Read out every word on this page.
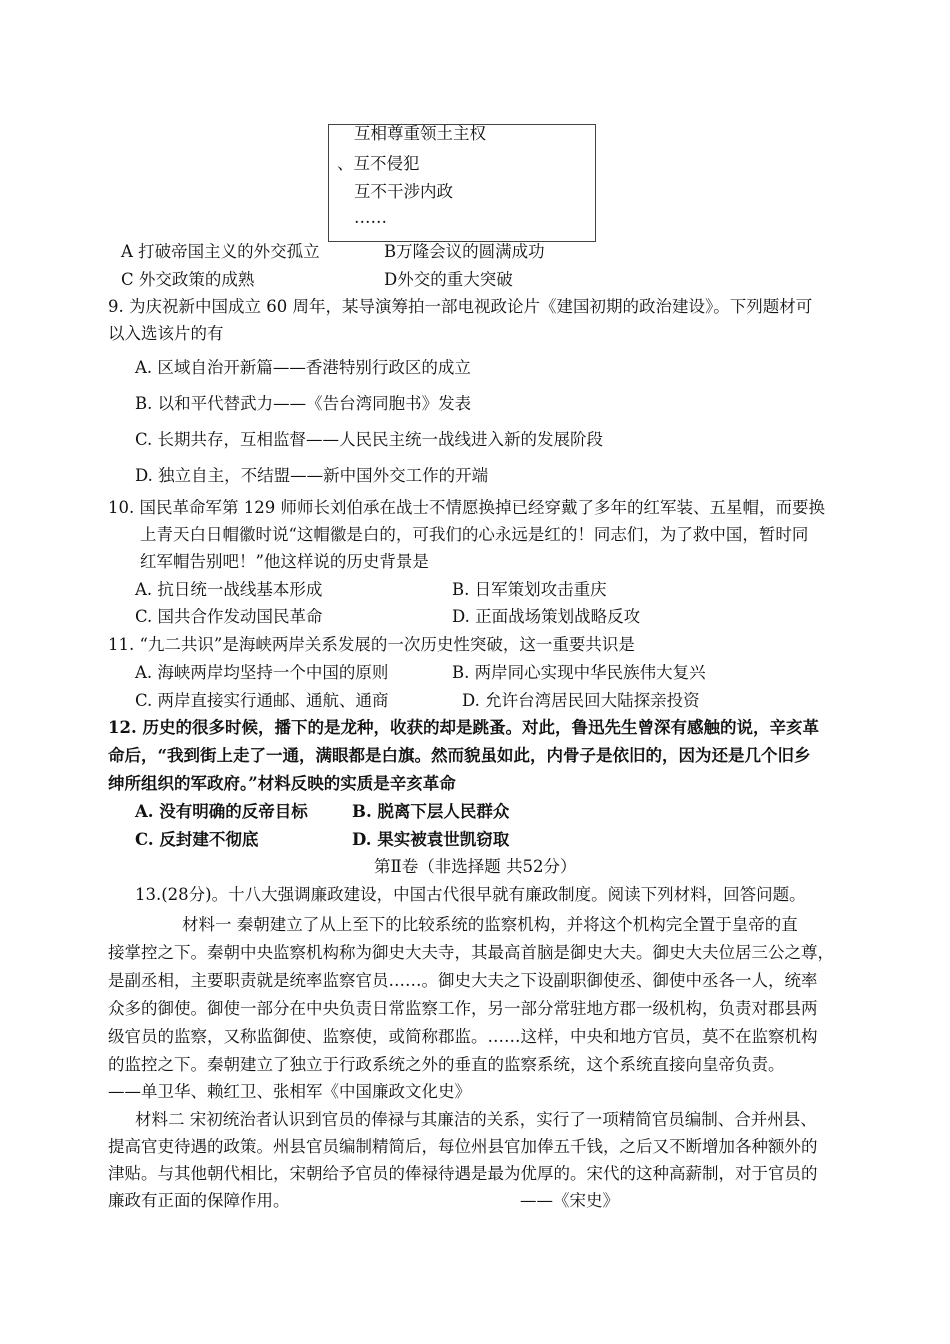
互相尊重领土主权
、互不侵犯
互不干涉内政
……
A 打破帝国主义的外交孤立	B万隆会议的圆满成功
C 外交政策的成熟	D外交的重大突破
9. 为庆祝新中国成立 60 周年，某导演筹拍一部电视政论片《建国初期的政治建设》。下列题材可
以入选该片的有
A. 区域自治开新篇——香港特别行政区的成立
B. 以和平代替武力——《告台湾同胞书》发表
C. 长期共存，互相监督——人民民主统一战线进入新的发展阶段
D. 独立自主，不结盟——新中国外交工作的开端
10. 国民革命军第 129 师师长刘伯承在战士不情愿换掉已经穿戴了多年的红军装、五星帽，而要换
上青天白日帽徽时说“这帽徽是白的，可我们的心永远是红的！同志们，为了救中国，暂时同
红军帽告别吧！”他这样说的历史背景是
A. 抗日统一战线基本形成	B. 日军策划攻击重庆
C. 国共合作发动国民革命	D. 正面战场策划战略反攻
11. “九二共识”是海峡两岸关系发展的一次历史性突破，这一重要共识是
A. 海峡两岸均坚持一个中国的原则	B. 两岸同心实现中华民族伟大复兴
C. 两岸直接实行通邮、通航、通商	D. 允许台湾居民回大陆探亲投资
12. 历史的很多时候，播下的是龙种，收获的却是跳蚤。对此，鲁迅先生曾深有感触的说，辛亥革
命后，“我到街上走了一通，满眼都是白旗。然而貌虽如此，内骨子是依旧的，因为还是几个旧乡
绅所组织的军政府。”材料反映的实质是辛亥革命
A. 没有明确的反帝目标	B. 脱离下层人民群众
C. 反封建不彻底	D. 果实被袁世凯窃取
第Ⅱ卷（非选择题 共52分）
13.(28分)。十八大强调廉政建设，中国古代很早就有廉政制度。阅读下列材料，回答问题。
材料一 秦朝建立了从上至下的比较系统的监察机构，并将这个机构完全置于皇帝的直
接掌控之下。秦朝中央监察机构称为御史大夫寺，其最高首脑是御史大夫。御史大夫位居三公之尊，
是副丞相，主要职责就是统率监察官员……。御史大夫之下设副职御使丞、御使中丞各一人，统率
众多的御使。御使一部分在中央负责日常监察工作，另一部分常驻地方郡一级机构，负责对郡县两
级官员的监察，又称监御使、监察使，或简称郡监。……这样，中央和地方官员，莫不在监察机构
的监控之下。秦朝建立了独立于行政系统之外的垂直的监察系统，这个系统直接向皇帝负责。
——单卫华、赖红卫、张相军《中国廉政文化史》
材料二 宋初统治者认识到官员的俸禄与其廉洁的关系，实行了一项精简官员编制、合并州县、
提高官吏待遇的政策。州县官员编制精简后，每位州县官加俸五千钱，之后又不断增加各种额外的
津贴。与其他朝代相比，宋朝给予官员的俸禄待遇是最为优厚的。宋代的这种高薪制，对于官员的
廉政有正面的保障作用。	——《宋史》
